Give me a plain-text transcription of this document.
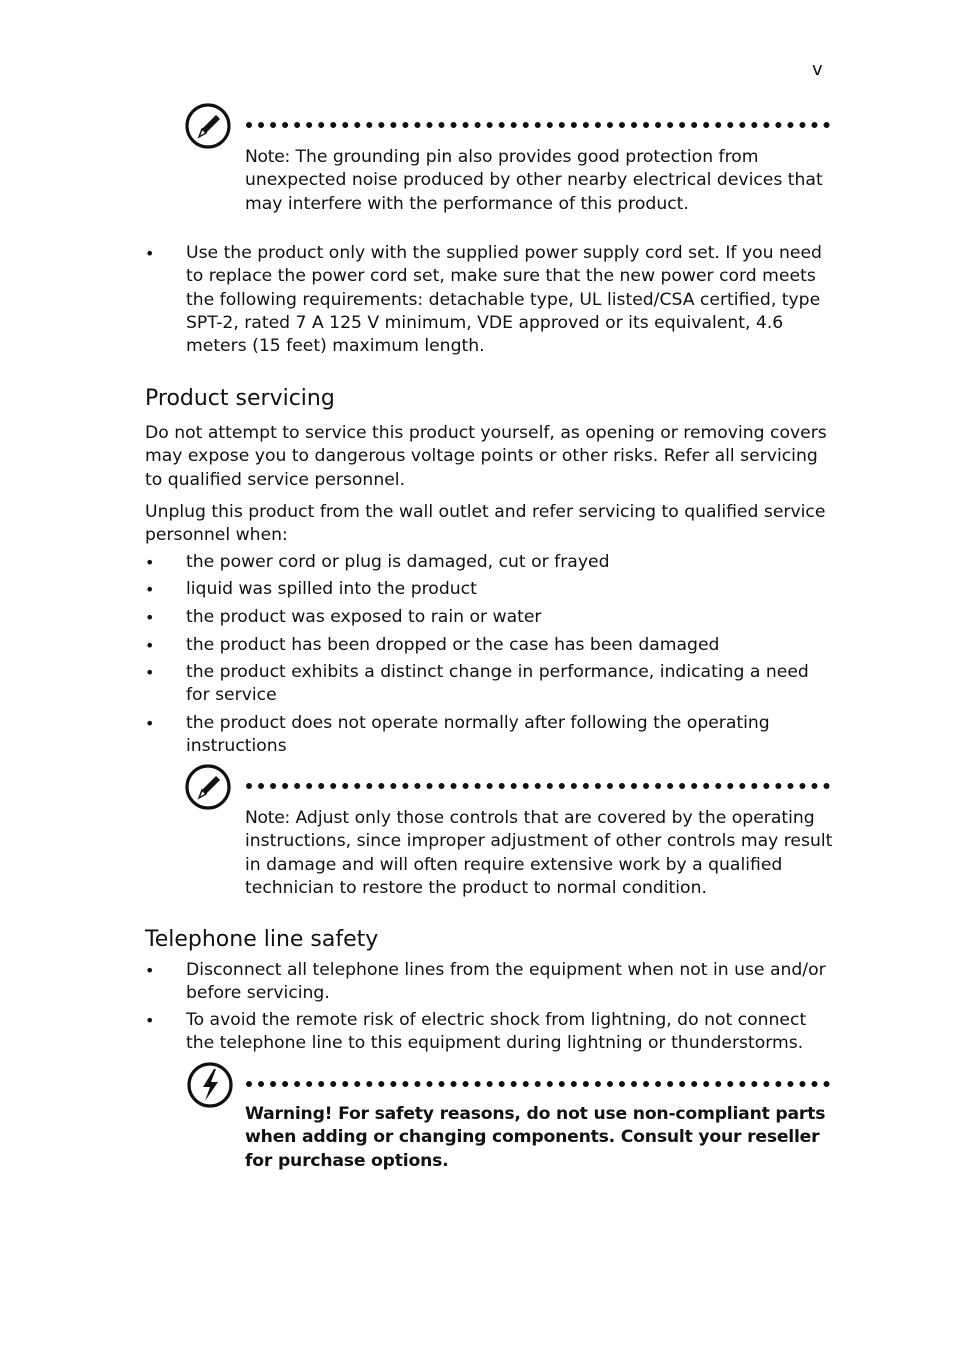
v
Note: The grounding pin also provides good protection from unexpected noise produced by other nearby electrical devices that may interfere with the performance of this product.
• Use the product only with the supplied power supply cord set. If you need to replace the power cord set, make sure that the new power cord meets the following requirements: detachable type, UL listed/CSA certified, type SPT-2, rated 7 A 125 V minimum, VDE approved or its equivalent, 4.6 meters (15 feet) maximum length.
Product servicing

Do not attempt to service this product yourself, as opening or removing covers may expose you to dangerous voltage points or other risks. Refer all servicing to qualified service personnel.

Unplug this product from the wall outlet and refer servicing to qualified service personnel when:

• the power cord or plug is damaged, cut or frayed
• liquid was spilled into the product
• the product was exposed to rain or water
• the product has been dropped or the case has been damaged
• the product exhibits a distinct change in performance, indicating a need for service
• the product does not operate normally after following the operating instructions
Note: Adjust only those controls that are covered by the operating instructions, since improper adjustment of other controls may result in damage and will often require extensive work by a qualified technician to restore the product to normal condition.
Telephone line safety
• Disconnect all telephone lines from the equipment when not in use and/or before servicing.
• To avoid the remote risk of electric shock from lightning, do not connect the telephone line to this equipment during lightning or thunderstorms.
Warning! For safety reasons, do not use non-compliant parts when adding or changing components. Consult your reseller for purchase options.
